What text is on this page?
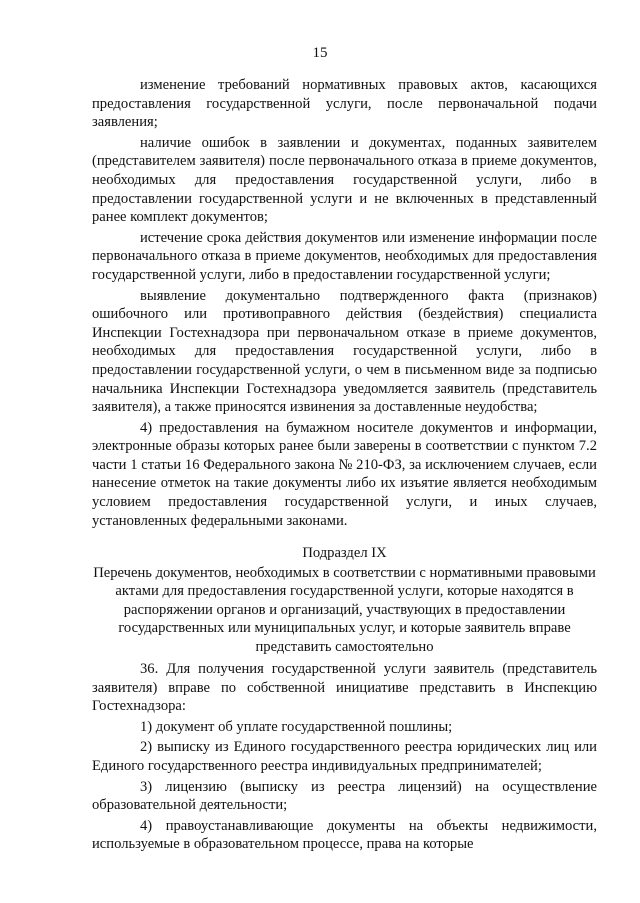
15

изменение требований нормативных правовых актов, касающихся предоставления государственной услуги, после первоначальной подачи заявления;

наличие ошибок в заявлении и документах, поданных заявителем (представителем заявителя) после первоначального отказа в приеме документов, необходимых для предоставления государственной услуги, либо в предоставлении государственной услуги и не включенных в представленный ранее комплект документов;

истечение срока действия документов или изменение информации после первоначального отказа в приеме документов, необходимых для предоставления государственной услуги, либо в предоставлении государственной услуги;

выявление документально подтвержденного факта (признаков) ошибочного или противоправного действия (бездействия) специалиста Инспекции Гостехнадзора при первоначальном отказе в приеме документов, необходимых для предоставления государственной услуги, либо в предоставлении государственной услуги, о чем в письменном виде за подписью начальника Инспекции Гостехнадзора уведомляется заявитель (представитель заявителя), а также приносятся извинения за доставленные неудобства;

4) предоставления на бумажном носителе документов и информации, электронные образы которых ранее были заверены в соответствии с пунктом 7.2 части 1 статьи 16 Федерального закона № 210-ФЗ, за исключением случаев, если нанесение отметок на такие документы либо их изъятие является необходимым условием предоставления государственной услуги, и иных случаев, установленных федеральными законами.

Подраздел IX
Перечень документов, необходимых в соответствии с нормативными правовыми актами для предоставления государственной услуги, которые находятся в распоряжении органов и организаций, участвующих в предоставлении государственных или муниципальных услуг, и которые заявитель вправе представить самостоятельно

36. Для получения государственной услуги заявитель (представитель заявителя) вправе по собственной инициативе представить в Инспекцию Гостехнадзора:

1) документ об уплате государственной пошлины;

2) выписку из Единого государственного реестра юридических лиц или Единого государственного реестра индивидуальных предпринимателей;

3) лицензию (выписку из реестра лицензий) на осуществление образовательной деятельности;

4) правоустанавливающие документы на объекты недвижимости, используемые в образовательном процессе, права на которые
